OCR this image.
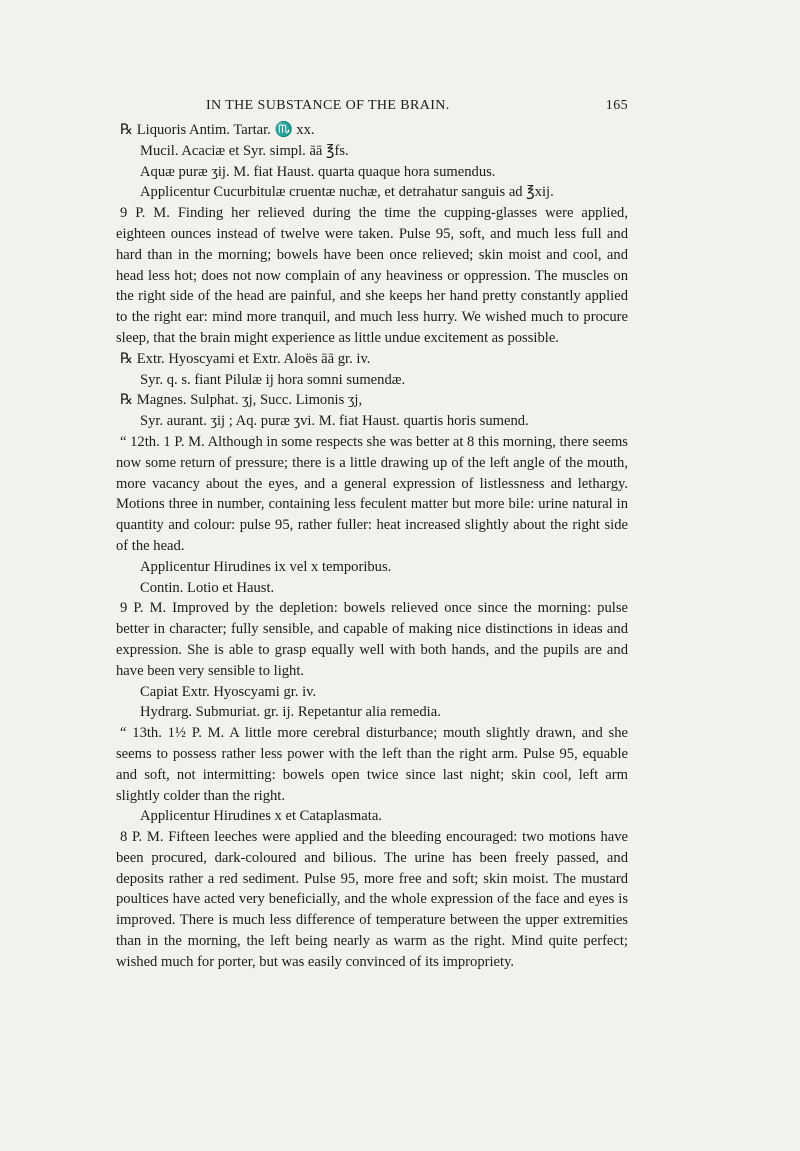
IN THE SUBSTANCE OF THE BRAIN.	165

℞ Liquoris Antim. Tartar. ♏ xx.

Mucil. Acaciæ et Syr. simpl. āā ℥fs.

Aquæ puræ ʒij. M. fiat Haust. quarta quaque hora sumendus.

Applicentur Cucurbitulæ cruentæ nuchæ, et detrahatur sanguis ad ℥xij.

9 P. M. Finding her relieved during the time the cupping-glasses were applied, eighteen ounces instead of twelve were taken. Pulse 95, soft, and much less full and hard than in the morning; bowels have been once relieved; skin moist and cool, and head less hot; does not now complain of any heaviness or oppression. The muscles on the right side of the head are painful, and she keeps her hand pretty constantly applied to the right ear: mind more tranquil, and much less hurry. We wished much to procure sleep, that the brain might experience as little undue excitement as possible.

℞ Extr. Hyoscyami et Extr. Aloës āā gr. iv.

Syr. q. s. fiant Pilulæ ij hora somni sumendæ.

℞ Magnes. Sulphat. ʒj, Succ. Limonis ʒj,

Syr. aurant. ʒij ; Aq. puræ ʒvi. M. fiat Haust. quartis horis sumend.

“ 12th. 1 P. M. Although in some respects she was better at 8 this morning, there seems now some return of pressure; there is a little drawing up of the left angle of the mouth, more vacancy about the eyes, and a general expression of listlessness and lethargy. Motions three in number, containing less feculent matter but more bile: urine natural in quantity and colour: pulse 95, rather fuller: heat increased slightly about the right side of the head.

Applicentur Hirudines ix vel x temporibus.

Contin. Lotio et Haust.

9 P. M. Improved by the depletion: bowels relieved once since the morning: pulse better in character; fully sensible, and capable of making nice distinctions in ideas and expression. She is able to grasp equally well with both hands, and the pupils are and have been very sensible to light.

Capiat Extr. Hyoscyami gr. iv.

Hydrarg. Submuriat. gr. ij. Repetantur alia remedia.

“ 13th. 1½ P. M. A little more cerebral disturbance; mouth slightly drawn, and she seems to possess rather less power with the left than the right arm. Pulse 95, equable and soft, not intermitting: bowels open twice since last night; skin cool, left arm slightly colder than the right.

Applicentur Hirudines x et Cataplasmata.

8 P. M. Fifteen leeches were applied and the bleeding encouraged: two motions have been procured, dark-coloured and bilious. The urine has been freely passed, and deposits rather a red sediment. Pulse 95, more free and soft; skin moist. The mustard poultices have acted very beneficially, and the whole expression of the face and eyes is improved. There is much less difference of temperature between the upper extremities than in the morning, the left being nearly as warm as the right. Mind quite perfect; wished much for porter, but was easily convinced of its impropriety.
